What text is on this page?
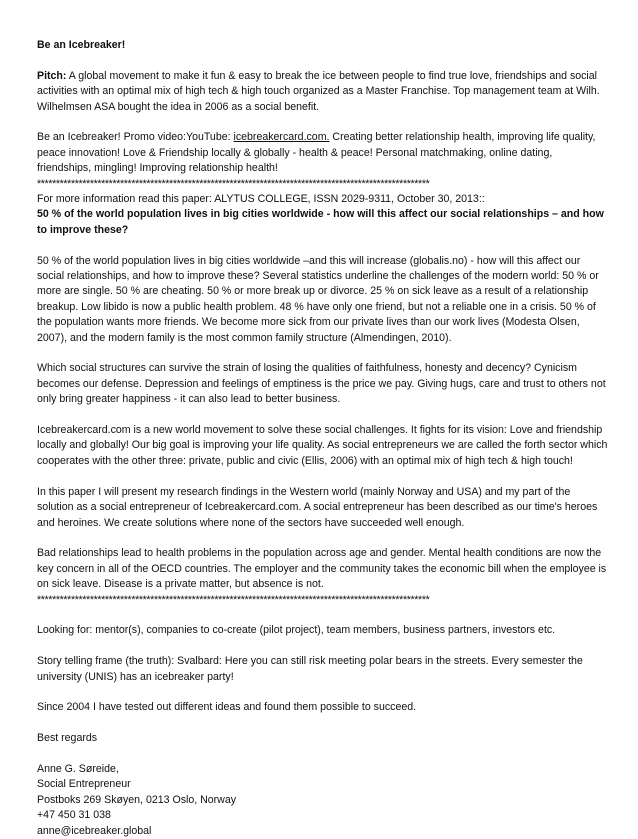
Be an Icebreaker!

Pitch: A global movement to make it fun & easy to break the ice between people to find true love, friendships and social activities with an optimal mix of high tech & high touch organized as a Master Franchise. Top management team at Wilh. Wilhelmsen ASA bought the idea in 2006 as a social benefit.

Be an Icebreaker! Promo video:YouTube: icebreakercard.com. Creating better relationship health, improving life quality, peace innovation! Love & Friendship locally & globally - health & peace! Personal matchmaking, online dating, friendships, mingling! Improving relationship health!

********************************************************************************************************

For more information read this paper: ALYTUS COLLEGE, ISSN 2029-9311, October 30, 2013::
50 % of the world population lives in big cities worldwide - how will this affect our social relationships – and how to improve these?

50 % of the world population lives in big cities worldwide –and this will increase (globalis.no) - how will this affect our social relationships, and how to improve these? Several statistics underline the challenges of the modern world: 50 % or more are single. 50 % are cheating. 50 % or more break up or divorce. 25 % on sick leave as a result of a relationship breakup. Low libido is now a public health problem. 48 % have only one friend, but not a reliable one in a crisis. 50 % of the population wants more friends. We become more sick from our private lives than our work lives (Modesta Olsen, 2007), and the modern family is the most common family structure (Almendingen, 2010).

Which social structures can survive the strain of losing the qualities of faithfulness, honesty and decency? Cynicism becomes our defense. Depression and feelings of emptiness is the price we pay. Giving hugs, care and trust to others not only bring greater happiness - it can also lead to better business.

Icebreakercard.com is a new world movement to solve these social challenges. It fights for its vision: Love and friendship locally and globally! Our big goal is improving your life quality. As social entrepreneurs we are called the forth sector which cooperates with the other three: private, public and civic (Ellis, 2006) with an optimal mix of high tech & high touch!

In this paper I will present my research findings in the Western world (mainly Norway and USA) and my part of the solution as a social entrepreneur of Icebreakercard.com. A social entrepreneur has been described as our time's heroes and heroines. We create solutions where none of the sectors have succeeded well enough.

Bad relationships lead to health problems in the population across age and gender. Mental health conditions are now the key concern in all of the OECD countries. The employer and the community takes the economic bill when the employee is on sick leave. Disease is a private matter, but absence is not.

********************************************************************************************************

Looking for: mentor(s), companies to co-create (pilot project), team members, business partners, investors etc.

Story telling frame (the truth): Svalbard: Here you can still risk meeting polar bears in the streets. Every semester the university (UNIS) has an icebreaker party!

Since 2004 I have tested out different ideas and found them possible to succeed.

Best regards

Anne G. Søreide,

Social Entrepreneur

Postboks 269 Skøyen, 0213 Oslo, Norway

+47 450 31 038

anne@icebreaker.global
